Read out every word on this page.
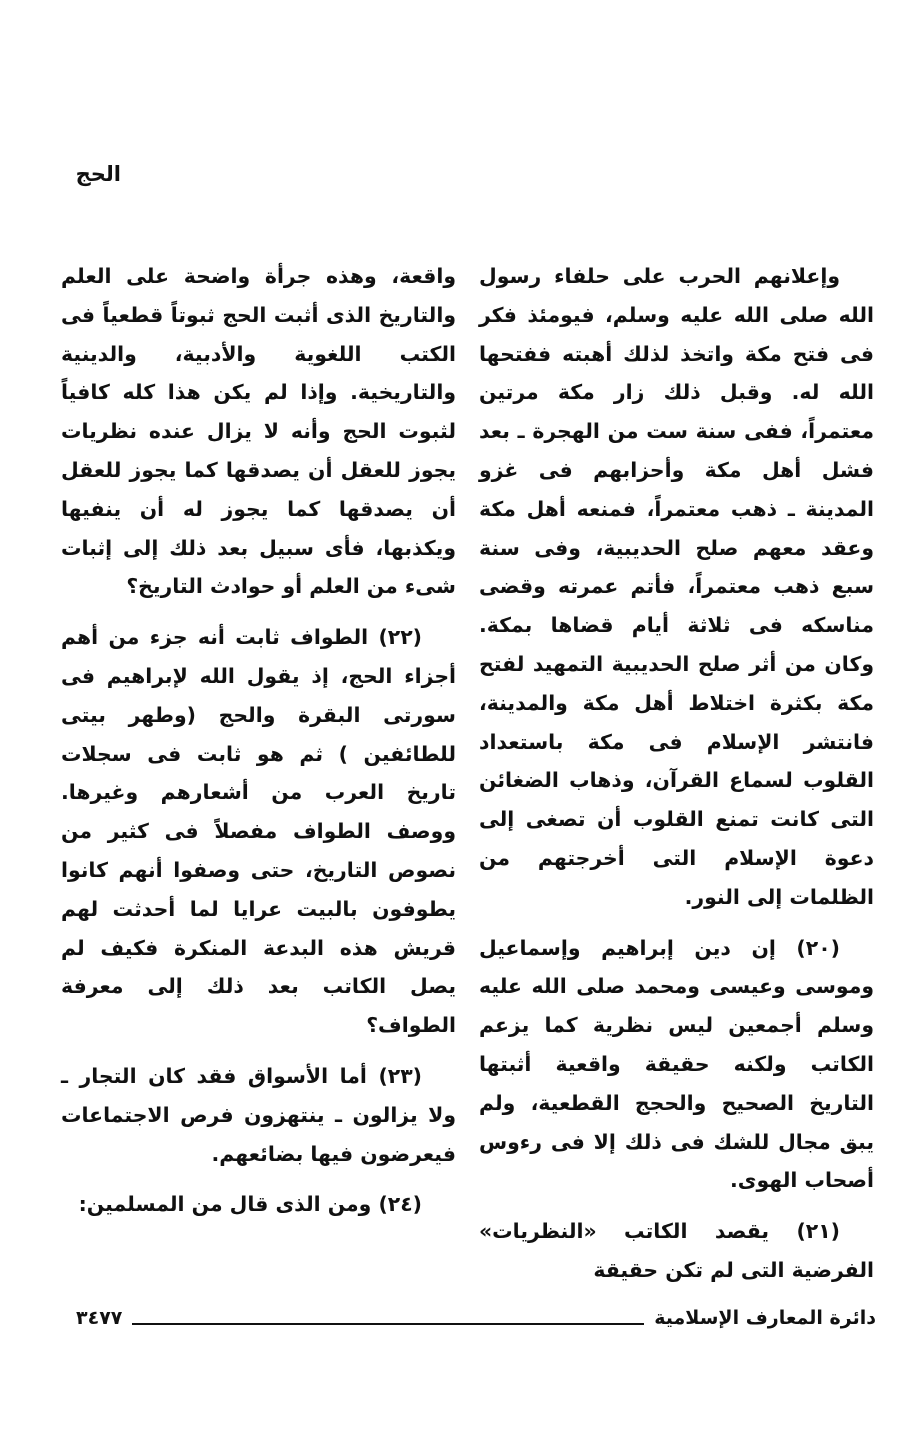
الحج

وإعلانهم الحرب على حلفاء رسول الله صلى الله عليه وسلم، فيومئذ فكر فى فتح مكة واتخذ لذلك أهبته ففتحها الله له. وقبل ذلك زار مكة مرتين معتمراً، ففى سنة ست من الهجرة ـ بعد فشل أهل مكة وأحزابهم فى غزو المدينة ـ ذهب معتمراً، فمنعه أهل مكة وعقد معهم صلح الحديبية، وفى سنة سبع ذهب معتمراً، فأتم عمرته وقضى مناسكه فى ثلاثة أيام قضاها بمكة. وكان من أثر صلح الحديبية التمهيد لفتح مكة بكثرة اختلاط أهل مكة والمدينة، فانتشر الإسلام فى مكة باستعداد القلوب لسماع القرآن، وذهاب الضغائن التى كانت تمنع القلوب أن تصغى إلى دعوة الإسلام التى أخرجتهم من الظلمات إلى النور.

(٢٠) إن دين إبراهيم وإسماعيل وموسى وعيسى ومحمد صلى الله عليه وسلم أجمعين ليس نظرية كما يزعم الكاتب ولكنه حقيقة واقعية أثبتها التاريخ الصحيح والحجج القطعية، ولم يبق مجال للشك فى ذلك إلا فى رءوس أصحاب الهوى.

(٢١) يقصد الكاتب «النظريات» الفرضية التى لم تكن حقيقة

واقعة، وهذه جرأة واضحة على العلم والتاريخ الذى أثبت الحج ثبوتاً قطعياً فى الكتب اللغوية والأدبية، والدينية والتاريخية. وإذا لم يكن هذا كله كافياً لثبوت الحج وأنه لا يزال عنده نظريات يجوز للعقل أن يصدقها كما يجوز للعقل أن يصدقها كما يجوز له أن ينفيها ويكذبها، فأى سبيل بعد ذلك إلى إثبات شىء من العلم أو حوادث التاريخ؟

(٢٢) الطواف ثابت أنه جزء من أهم أجزاء الحج، إذ يقول الله لإبراهيم فى سورتى البقرة والحج (وطهر بيتى للطائفين ) ثم هو ثابت فى سجلات تاريخ العرب من أشعارهم وغيرها. ووصف الطواف مفصلاً فى كثير من نصوص التاريخ، حتى وصفوا أنهم كانوا يطوفون بالبيت عرايا لما أحدثت لهم قريش هذه البدعة المنكرة فكيف لم يصل الكاتب بعد ذلك إلى معرفة الطواف؟

(٢٣) أما الأسواق فقد كان التجار ـ ولا يزالون ـ ينتهزون فرص الاجتماعات فيعرضون فيها بضائعهم.

(٢٤) ومن الذى قال من المسلمين:

دائرة المعارف الإسلامية
٣٤٧٧
